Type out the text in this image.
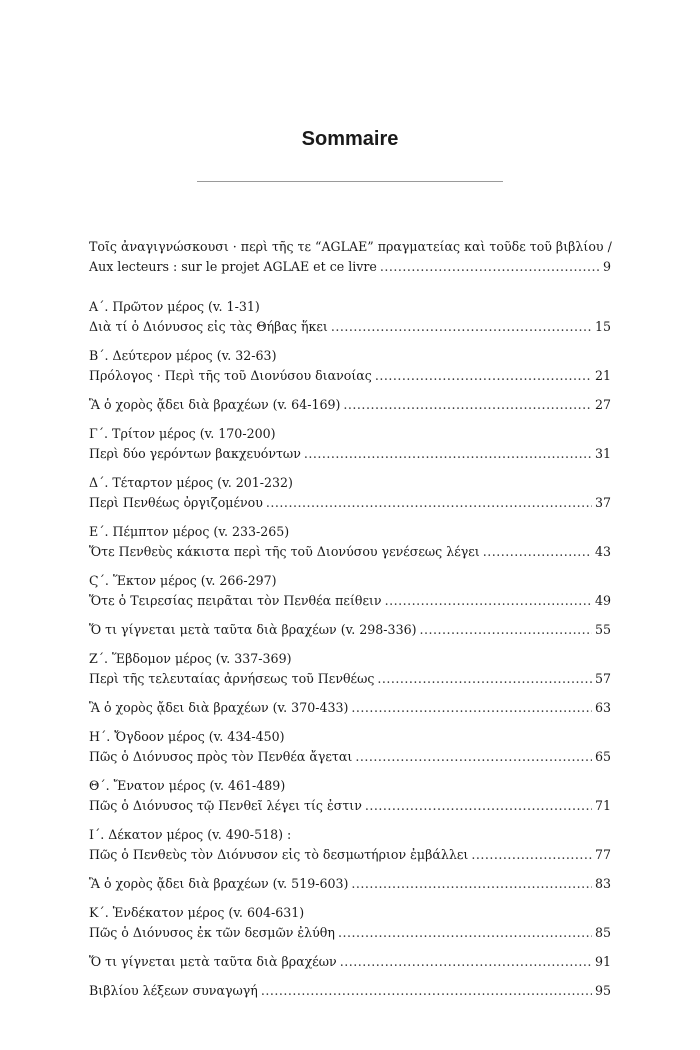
Sommaire
Τοῖς ἀναγιγνώσκουσι · περὶ τῆς τε “AGLAE” πραγματείας καὶ τοῦδε τοῦ βιβλίου /
Aux lecteurs : sur le projet AGLAE et ce livre .....	9
Α΄. Πρῶτον μέρος (v. 1-31)
Διὰ τί ὁ Διόνυσος εἰς τὰς Θήβας ἥκει .....	15
Β΄. Δεύτερον μέρος (v. 32-63)
Πρόλογος · Περὶ τῆς τοῦ Διονύσου διανοίας .....	21
Ἃ ὁ χορὸς ᾄδει διὰ βραχέων (v. 64-169) .....	27
Γ΄. Τρίτον μέρος (v. 170-200)
Περὶ δύο γερόντων βακχευόντων .....	31
Δ΄. Τέταρτον μέρος (v. 201-232)
Περὶ Πενθέως ὀργιζομένου .....	37
Ε΄. Πέμπτον μέρος (v. 233-265)
Ὅτε Πενθεὺς κάκιστα περὶ τῆς τοῦ Διονύσου γενέσεως λέγει .....	43
Ϛ΄. Ἕκτον μέρος (v. 266-297)
Ὅτε ὁ Τειρεσίας πειρᾶται τὸν Πενθέα πείθειν .....	49
Ὅ τι γίγνεται μετὰ ταῦτα διὰ βραχέων (v. 298-336) .....	55
Ζ΄. Ἕβδομον μέρος (v. 337-369)
Περὶ τῆς τελευταίας ἀρνήσεως τοῦ Πενθέως .....	57
Ἃ ὁ χορὸς ᾄδει διὰ βραχέων (v. 370-433) .....	63
Η΄. Ὄγδοον μέρος (v. 434-450)
Πῶς ὁ Διόνυσος πρὸς τὸν Πενθέα ἄγεται .....	65
Θ΄. Ἔνατον μέρος (v. 461-489)
Πῶς ὁ Διόνυσος τῷ Πενθεῖ λέγει τίς ἐστιν .....	71
Ι΄. Δέκατον μέρος (v. 490-518) :
Πῶς ὁ Πενθεὺς τὸν Διόνυσον εἰς τὸ δεσμωτήριον ἐμβάλλει .....	77
Ἃ ὁ χορὸς ᾄδει διὰ βραχέων (v. 519-603) .....	83
Κ΄. Ἑνδέκατον μέρος (v. 604-631)
Πῶς ὁ Διόνυσος ἐκ τῶν δεσμῶν ἐλύθη .....	85
Ὅ τι γίγνεται μετὰ ταῦτα διὰ βραχέων .....	91
Βιβλίου λέξεων συναγωγή .....	95
